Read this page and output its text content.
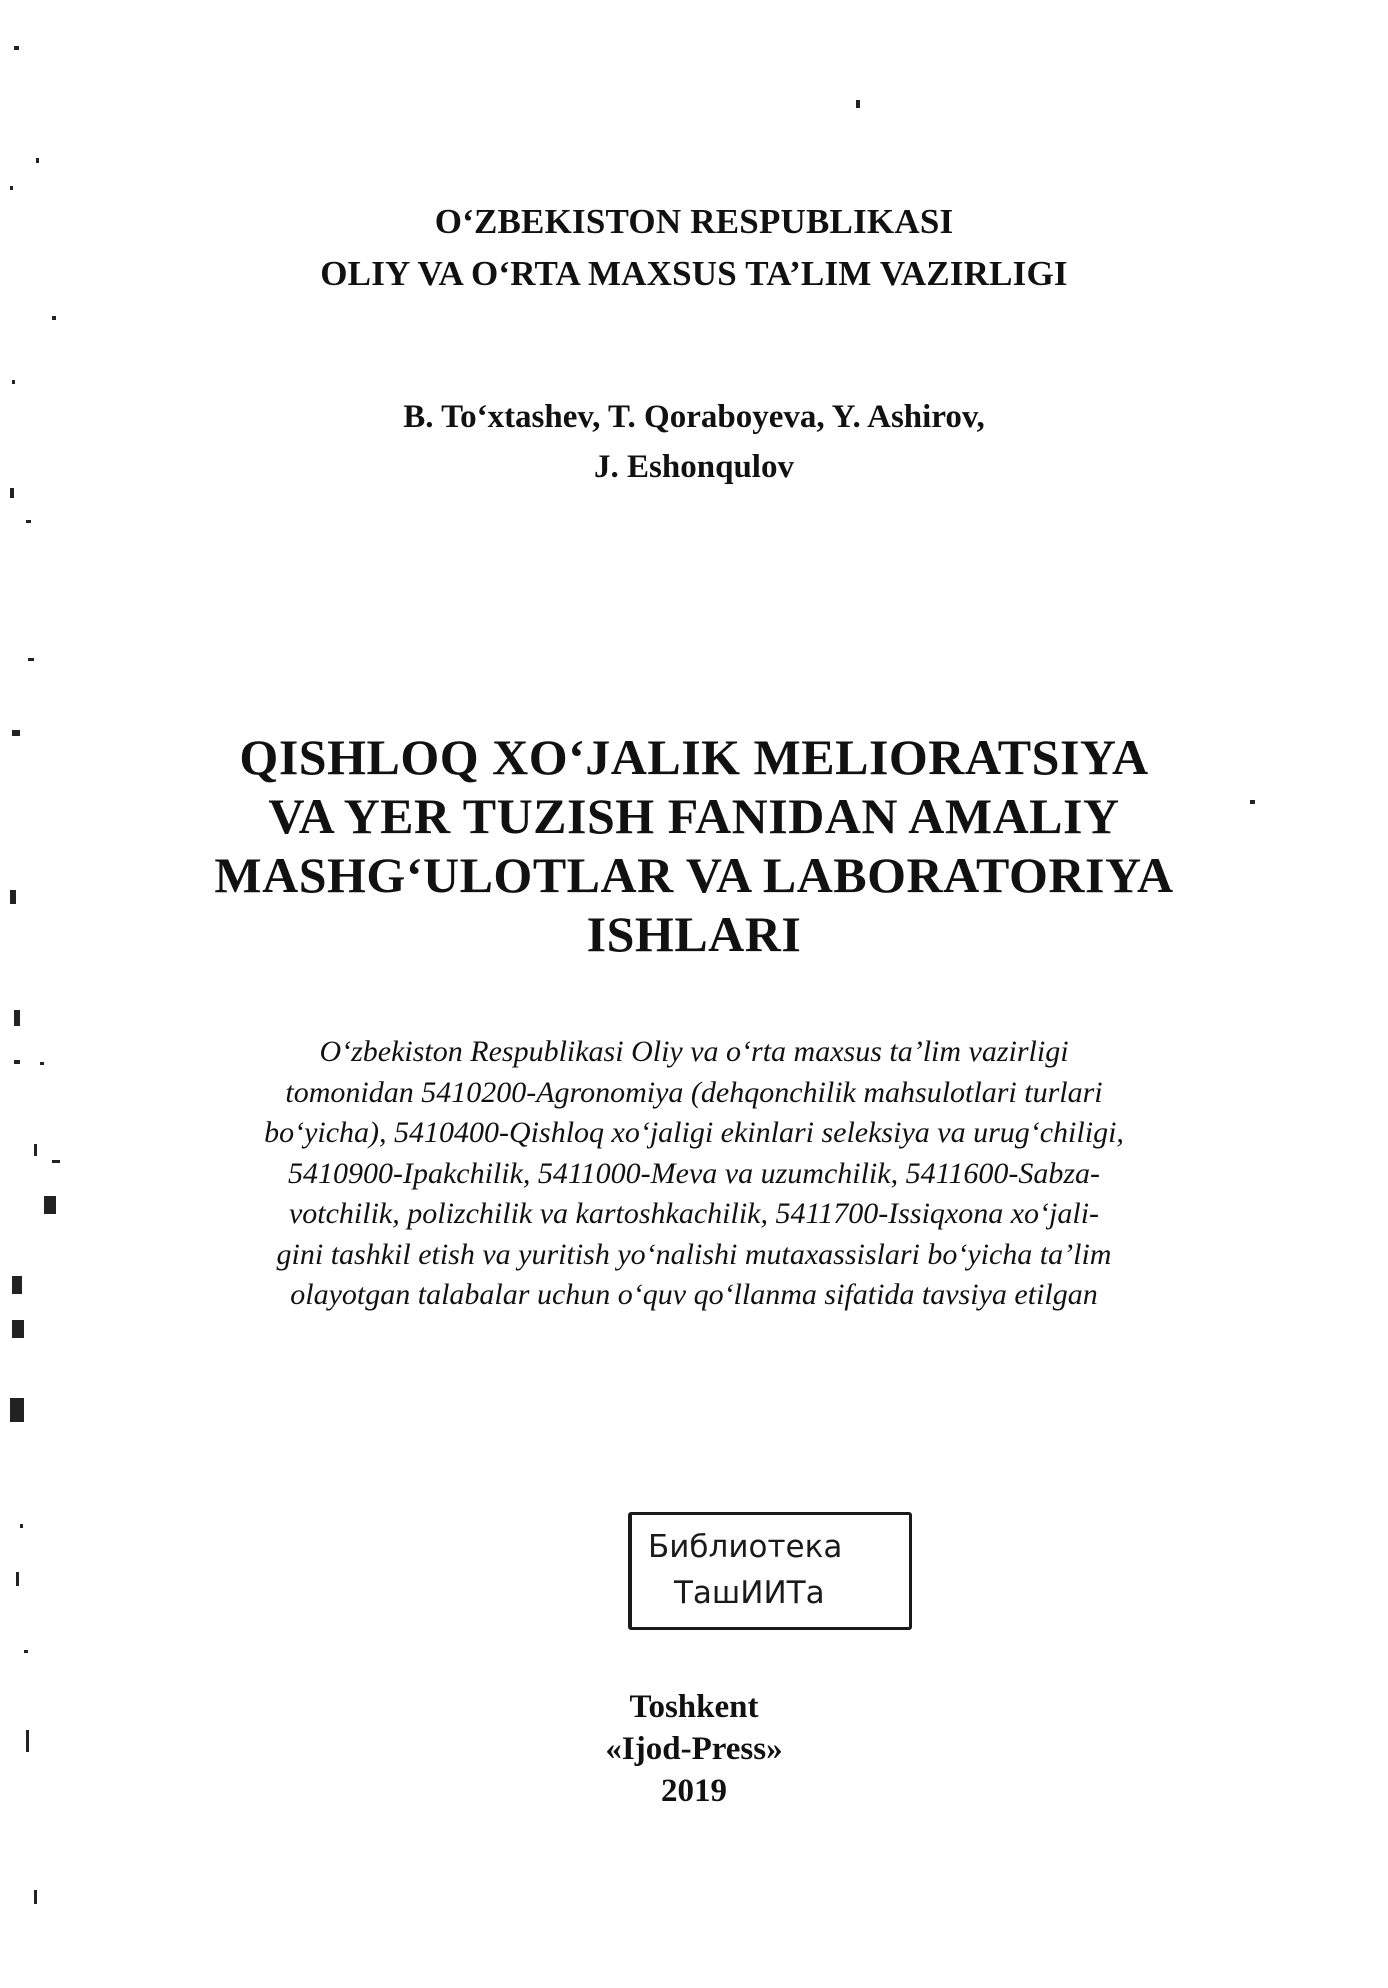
O‘ZBEKISTON RESPUBLIKASI
OLIY VA O‘RTA MAXSUS TA’LIM VAZIRLIGI
B. To‘xtashev, T. Qoraboyeva, Y. Ashirov,
J. Eshonqulov
QISHLOQ XO‘JALIK MELIORATSIYA
VA YER TUZISH FANIDAN AMALIY
MASHG‘ULOTLAR VA LABORATORIYA
ISHLARI
O‘zbekiston Respublikasi Oliy va o‘rta maxsus ta’lim vazirligi
tomonidan 5410200-Agronomiya (dehqonchilik mahsulotlari turlari
bo‘yicha), 5410400-Qishloq xo‘jaligi ekinlari seleksiya va urug‘chiligi,
5410900-Ipakchilik, 5411000-Meva va uzumchilik, 5411600-Sabza-
votchilik, polizchilik va kartoshkachilik, 5411700-Issiqxona xo‘jali-
gini tashkil etish va yuritish yo‘nalishi mutaxassislari bo‘yicha ta’lim
olayotgan talabalar uchun o‘quv qo‘llanma sifatida tavsiya etilgan
Библиотека
ТашИИТа
Toshkent
«Ijod-Press»
2019
